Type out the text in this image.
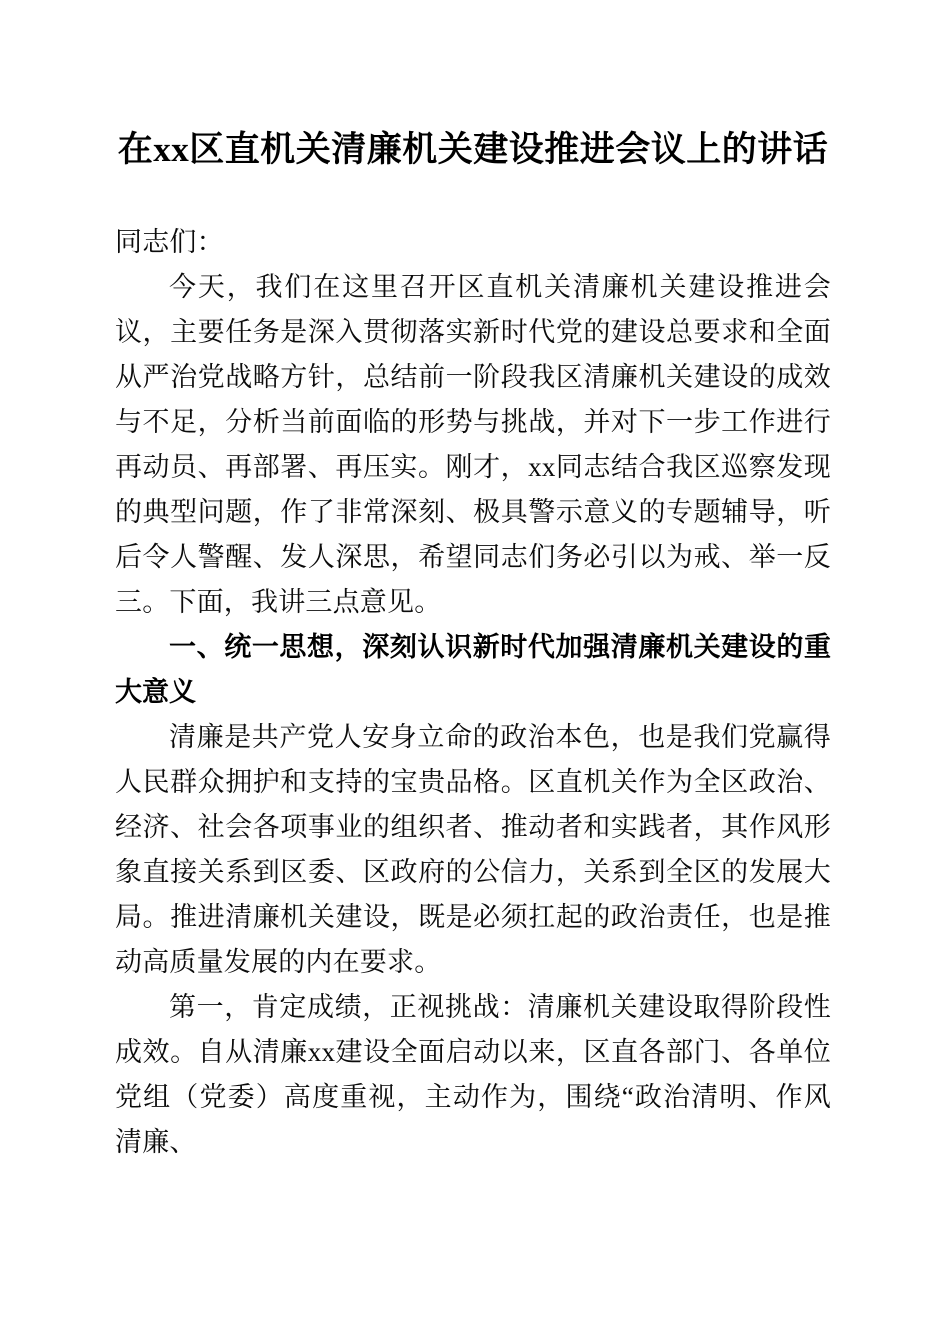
在xx区直机关清廉机关建设推进会议上的讲话

同志们：

今天，我们在这里召开区直机关清廉机关建设推进会议，主要任务是深入贯彻落实新时代党的建设总要求和全面从严治党战略方针，总结前一阶段我区清廉机关建设的成效与不足，分析当前面临的形势与挑战，并对下一步工作进行再动员、再部署、再压实。刚才，xx同志结合我区巡察发现的典型问题，作了非常深刻、极具警示意义的专题辅导，听后令人警醒、发人深思，希望同志们务必引以为戒、举一反三。下面，我讲三点意见。

一、统一思想，深刻认识新时代加强清廉机关建设的重大意义

清廉是共产党人安身立命的政治本色，也是我们党赢得人民群众拥护和支持的宝贵品格。区直机关作为全区政治、经济、社会各项事业的组织者、推动者和实践者，其作风形象直接关系到区委、区政府的公信力，关系到全区的发展大局。推进清廉机关建设，既是必须扛起的政治责任，也是推动高质量发展的内在要求。

第一，肯定成绩，正视挑战：清廉机关建设取得阶段性成效。自从清廉xx建设全面启动以来，区直各部门、各单位党组（党委）高度重视，主动作为，围绕“政治清明、作风清廉、
